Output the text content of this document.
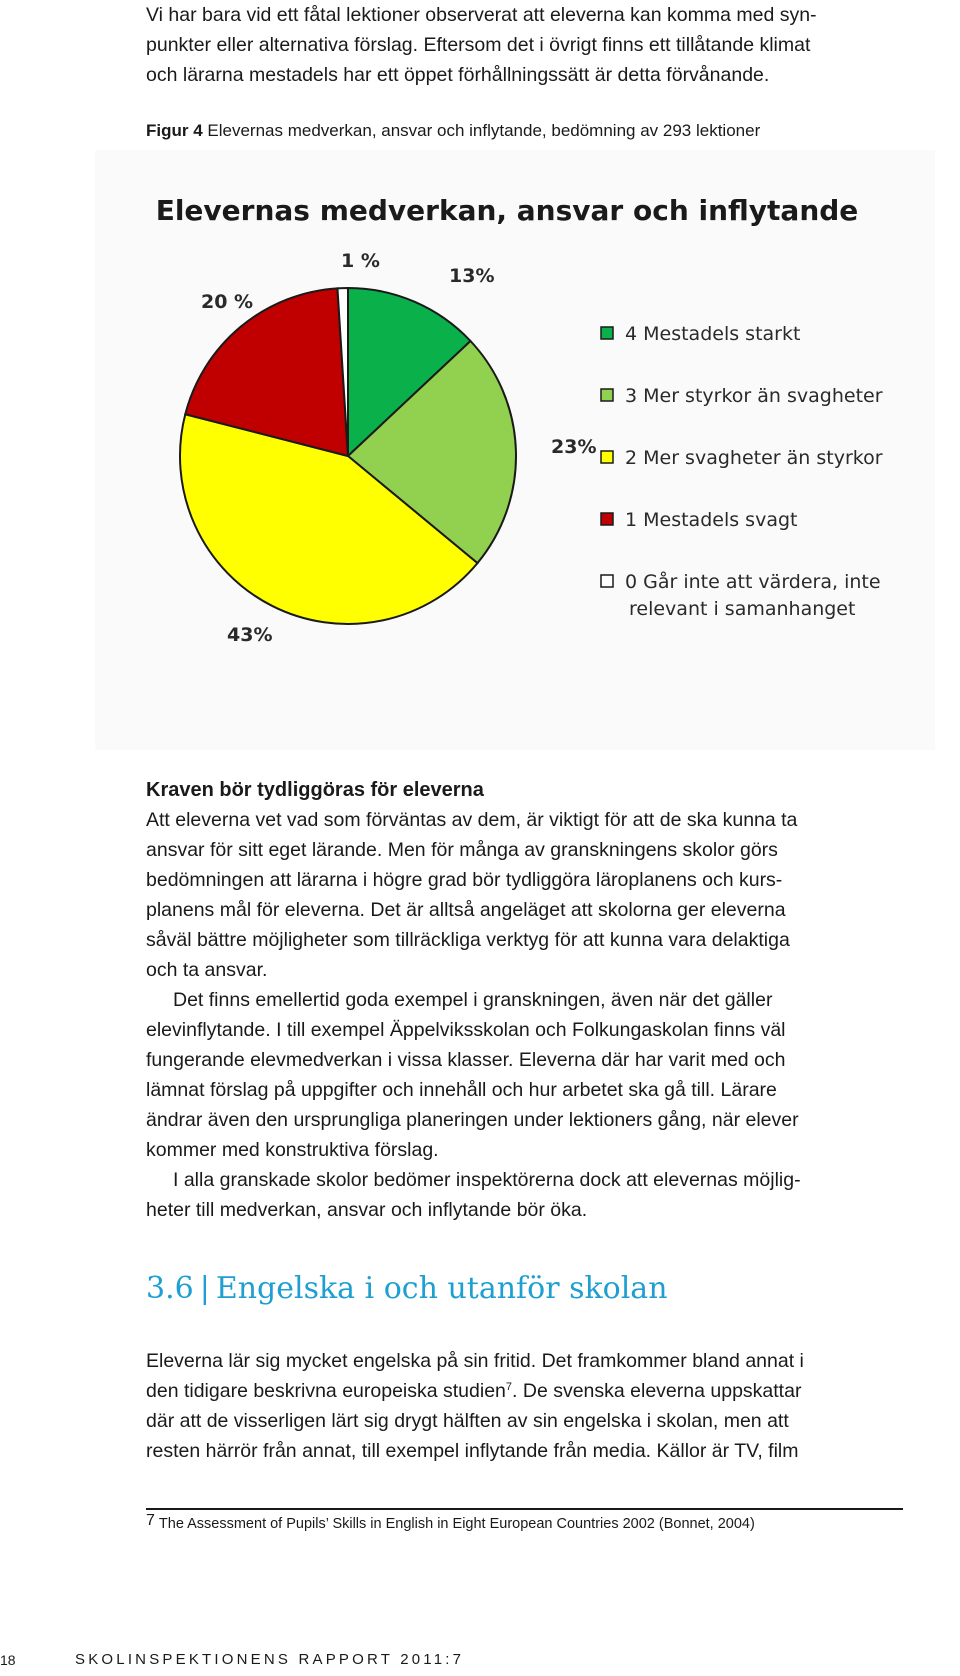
Vi har bara vid ett fåtal lektioner observerat att eleverna kan komma med syn-
punkter eller alternativa förslag. Eftersom det i övrigt finns ett tillåtande klimat
och lärarna mestadels har ett öppet förhållningssätt är detta förvånande.
Figur 4 Elevernas medverkan, ansvar och inflytande, bedömning av 293 lektioner
Elevernas medverkan, ansvar och inflytande
13%
23%
43%
20 %
1 %
4 Mestadels starkt
3 Mer styrkor än svagheter
2 Mer svagheter än styrkor
1 Mestadels svagt
0 Går inte att värdera, inte
relevant i samanhanget
Kraven bör tydliggöras för eleverna

Att eleverna vet vad som förväntas av dem, är viktigt för att de ska kunna ta
ansvar för sitt eget lärande. Men för många av granskningens skolor görs
bedömningen att lärarna i högre grad bör tydliggöra läroplanens och kurs-
planens mål för eleverna. Det är alltså angeläget att skolorna ger eleverna
såväl bättre möjligheter som tillräckliga verktyg för att kunna vara delaktiga
och ta ansvar.

Det finns emellertid goda exempel i granskningen, även när det gäller
elevinflytande. I till exempel Äppelviksskolan och Folkungaskolan finns väl
fungerande elevmedverkan i vissa klasser. Eleverna där har varit med och
lämnat förslag på uppgifter och innehåll och hur arbetet ska gå till. Lärare
ändrar även den ursprungliga planeringen under lektioners gång, när elever
kommer med konstruktiva förslag.

I alla granskade skolor bedömer inspektörerna dock att elevernas möjlig-
heter till medverkan, ansvar och inflytande bör öka.

3.6 | Engelska i och utanför skolan
Eleverna lär sig mycket engelska på sin fritid. Det framkommer bland annat i
den tidigare beskrivna europeiska studien$^7$. De svenska eleverna uppskattar
där att de visserligen lärt sig drygt hälften av sin engelska i skolan, men att
resten härrör från annat, till exempel inflytande från media. Källor är TV, film
7 The Assessment of Pupils’ Skills in English in Eight European Countries 2002 (Bonnet, 2004)
18	SKOLINSPEKTIONENS RAPPORT 2011:7
